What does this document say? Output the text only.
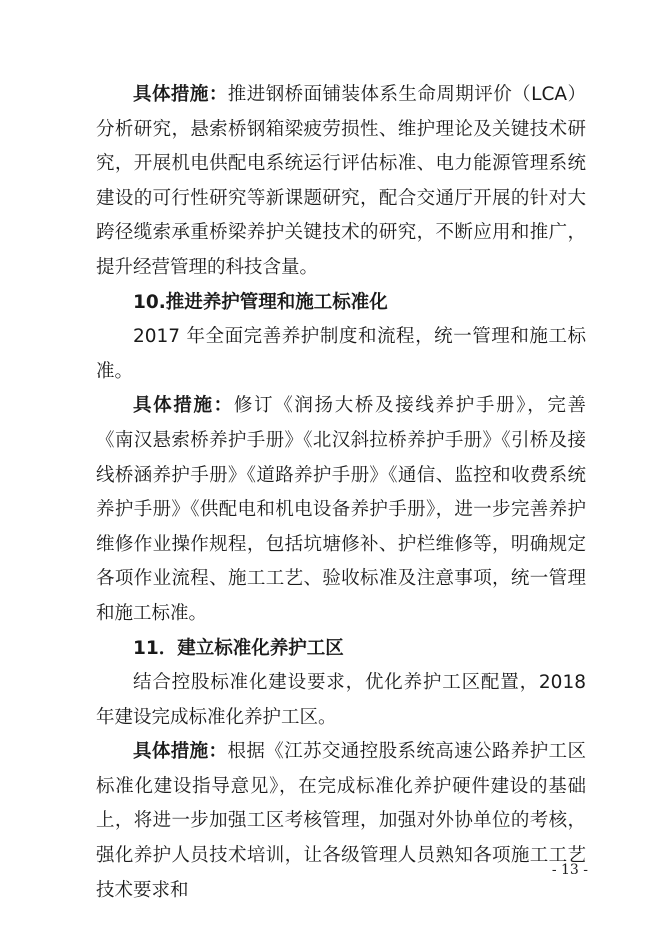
具体措施：推进钢桥面铺装体系生命周期评价（LCA）分析研究，悬索桥钢箱梁疲劳损性、维护理论及关键技术研究，开展机电供配电系统运行评估标准、电力能源管理系统建设的可行性研究等新课题研究，配合交通厅开展的针对大跨径缆索承重桥梁养护关键技术的研究，不断应用和推广，提升经营管理的科技含量。

10.推进养护管理和施工标准化

2017 年全面完善养护制度和流程，统一管理和施工标准。

具体措施：修订《润扬大桥及接线养护手册》，完善《南汉悬索桥养护手册》《北汉斜拉桥养护手册》《引桥及接线桥涵养护手册》《道路养护手册》《通信、监控和收费系统养护手册》《供配电和机电设备养护手册》，进一步完善养护维修作业操作规程，包括坑塘修补、护栏维修等，明确规定各项作业流程、施工工艺、验收标准及注意事项，统一管理和施工标准。

11．建立标准化养护工区

结合控股标准化建设要求，优化养护工区配置，2018 年建设完成标准化养护工区。

具体措施：根据《江苏交通控股系统高速公路养护工区标准化建设指导意见》，在完成标准化养护硬件建设的基础上，将进一步加强工区考核管理，加强对外协单位的考核，强化养护人员技术培训，让各级管理人员熟知各项施工工艺技术要求和

- 13 -
